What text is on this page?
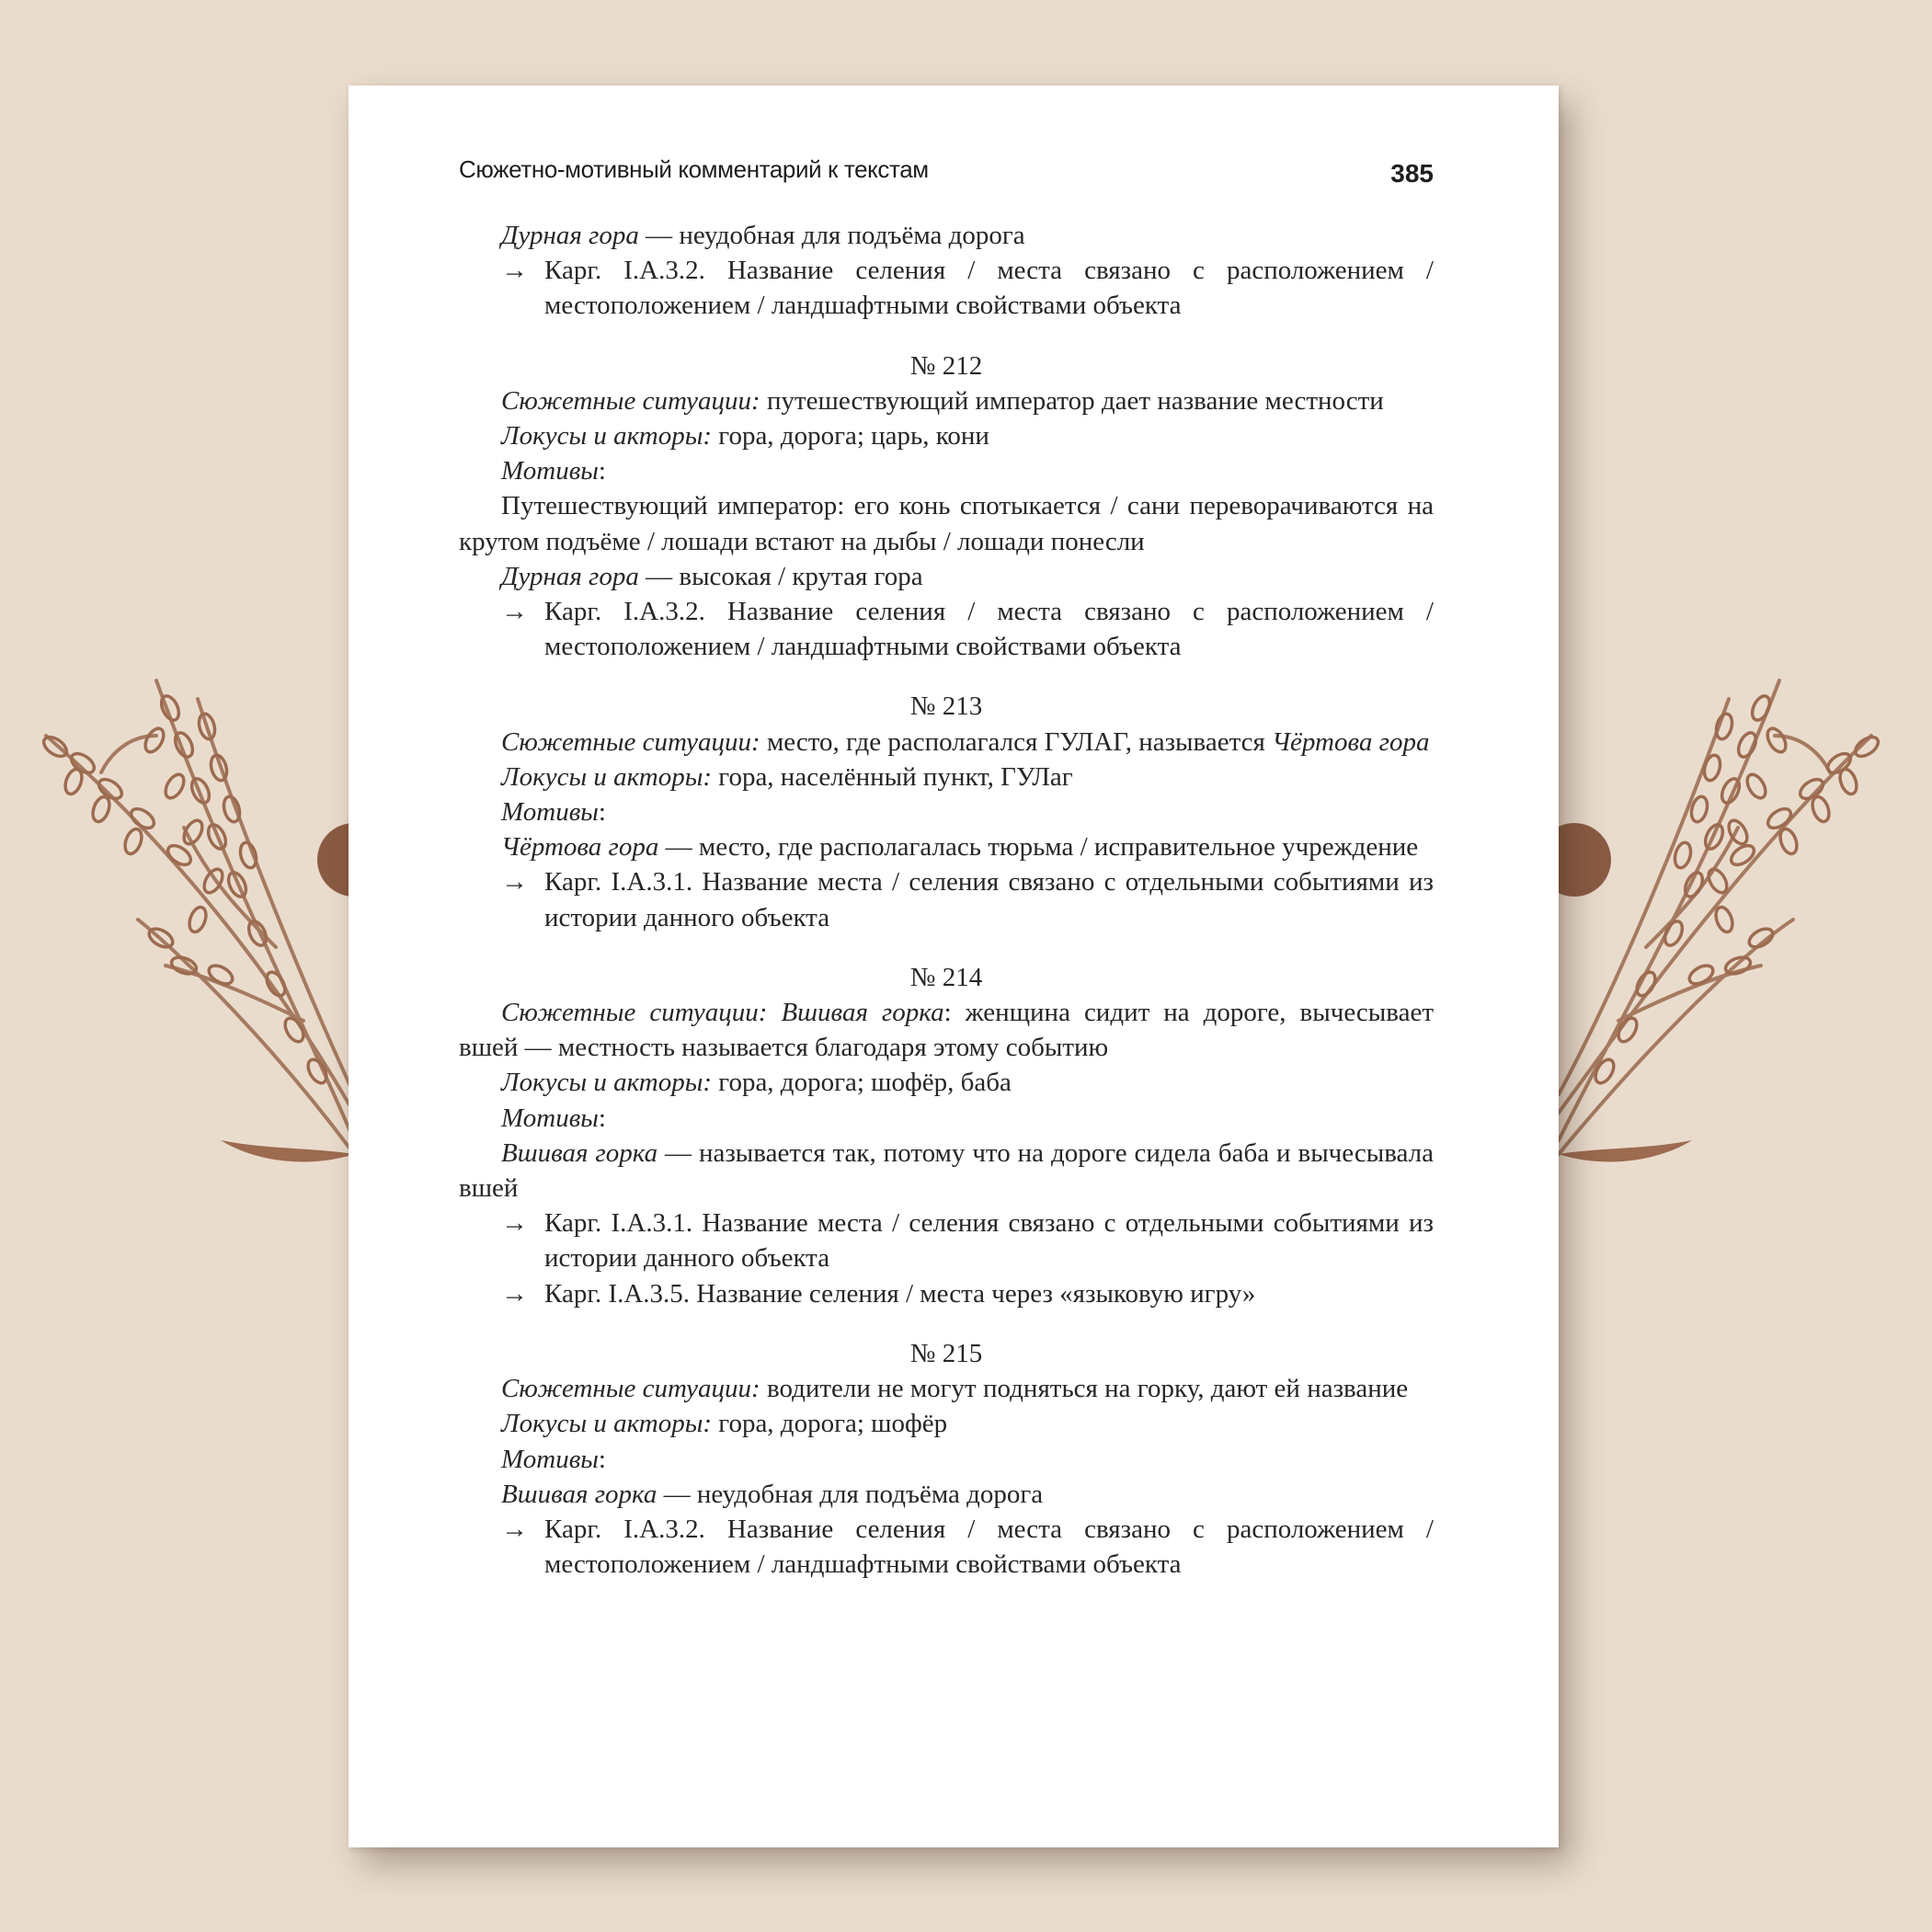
Сюжетно-мотивный комментарий к текстам	385

Дурная гора — неудобная для подъёма дорога

→ Карг. I.A.3.2. Название селения / места связано с расположением / местоположением / ландшафтными свойствами объекта

№ 212

Сюжетные ситуации: путешествующий император дает название местности

Локусы и акторы: гора, дорога; царь, кони

Мотивы:

Путешествующий император: его конь спотыкается / сани переворачиваются на крутом подъёме / лошади встают на дыбы / лошади понесли

Дурная гора — высокая / крутая гора

→ Карг. I.A.3.2. Название селения / места связано с расположением / местоположением / ландшафтными свойствами объекта

№ 213

Сюжетные ситуации: место, где располагался ГУЛАГ, называется Чёртова гора

Локусы и акторы: гора, населённый пункт, ГУЛаг

Мотивы:

Чёртова гора — место, где располагалась тюрьма / исправительное учреждение

→ Карг. I.A.3.1. Название места / селения связано с отдельными событиями из истории данного объекта

№ 214

Сюжетные ситуации: Вшивая горка: женщина сидит на дороге, вычесывает вшей — местность называется благодаря этому событию

Локусы и акторы: гора, дорога; шофёр, баба

Мотивы:

Вшивая горка — называется так, потому что на дороге сидела баба и вычесывала вшей

→ Карг. I.A.3.1. Название места / селения связано с отдельными событиями из истории данного объекта

→ Карг. I.A.3.5. Название селения / места через «языковую игру»

№ 215

Сюжетные ситуации: водители не могут подняться на горку, дают ей название

Локусы и акторы: гора, дорога; шофёр

Мотивы:

Вшивая горка — неудобная для подъёма дорога

→ Карг. I.A.3.2. Название селения / места связано с расположением / местоположением / ландшафтными свойствами объекта
